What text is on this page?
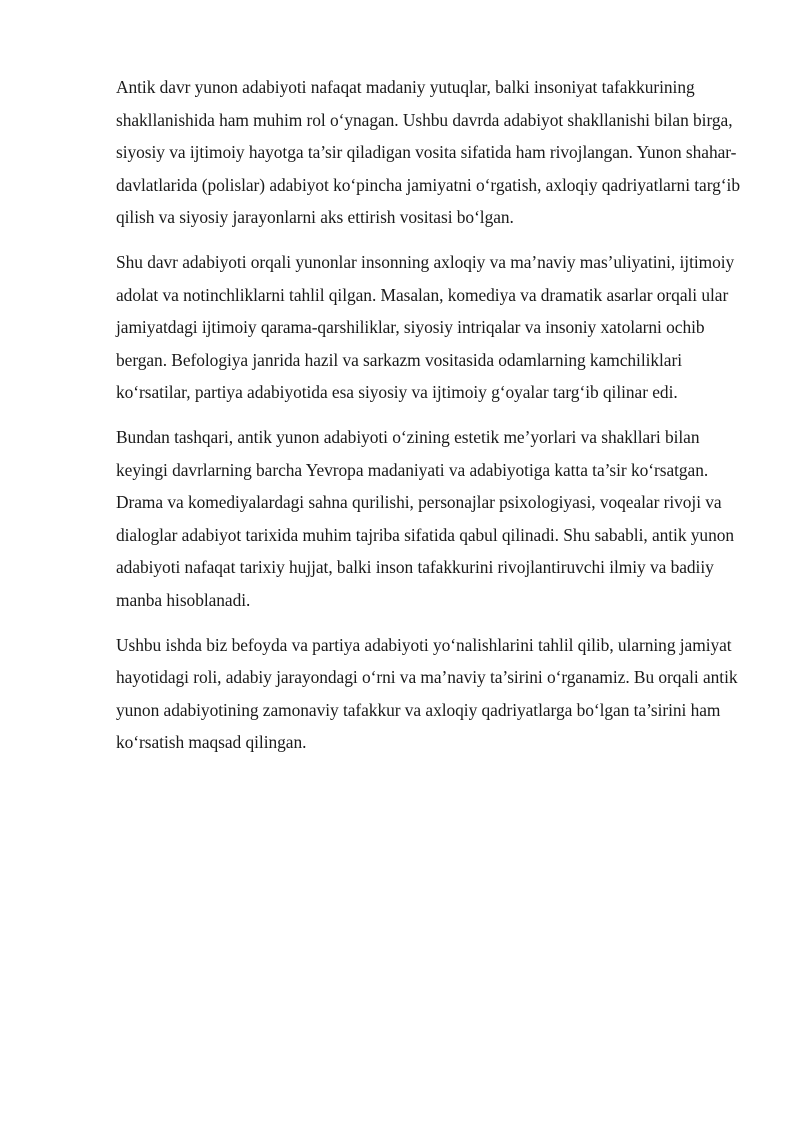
Antik davr yunon adabiyoti nafaqat madaniy yutuqlar, balki insoniyat tafakkurining shakllanishida ham muhim rol o‘ynagan. Ushbu davrda adabiyot shakllanishi bilan birga, siyosiy va ijtimoiy hayotga ta’sir qiladigan vosita sifatida ham rivojlangan. Yunon shahar-davlatlarida (polislar) adabiyot ko‘pincha jamiyatni o‘rgatish, axloqiy qadriyatlarni targ‘ib qilish va siyosiy jarayonlarni aks ettirish vositasi bo‘lgan.

Shu davr adabiyoti orqali yunonlar insonning axloqiy va ma’naviy mas’uliyatini, ijtimoiy adolat va notinchliklarni tahlil qilgan. Masalan, komediya va dramatik asarlar orqali ular jamiyatdagi ijtimoiy qarama-qarshiliklar, siyosiy intriqalar va insoniy xatolarni ochib bergan. Befologiya janrida hazil va sarkazm vositasida odamlarning kamchiliklari ko‘rsatilar, partiya adabiyotida esa siyosiy va ijtimoiy g‘oyalar targ‘ib qilinar edi.

Bundan tashqari, antik yunon adabiyoti o‘zining estetik me’yorlari va shakllari bilan keyingi davrlarning barcha Yevropa madaniyati va adabiyotiga katta ta’sir ko‘rsatgan. Drama va komediyalardagi sahna qurilishi, personajlar psixologiyasi, voqealar rivoji va dialoglar adabiyot tarixida muhim tajriba sifatida qabul qilinadi. Shu sababli, antik yunon adabiyoti nafaqat tarixiy hujjat, balki inson tafakkurini rivojlantiruvchi ilmiy va badiiy manba hisoblanadi.

Ushbu ishda biz befoyda va partiya adabiyoti yo‘nalishlarini tahlil qilib, ularning jamiyat hayotidagi roli, adabiy jarayondagi o‘rni va ma’naviy ta’sirini o‘rganamiz. Bu orqali antik yunon adabiyotining zamonaviy tafakkur va axloqiy qadriyatlarga bo‘lgan ta’sirini ham ko‘rsatish maqsad qilingan.
